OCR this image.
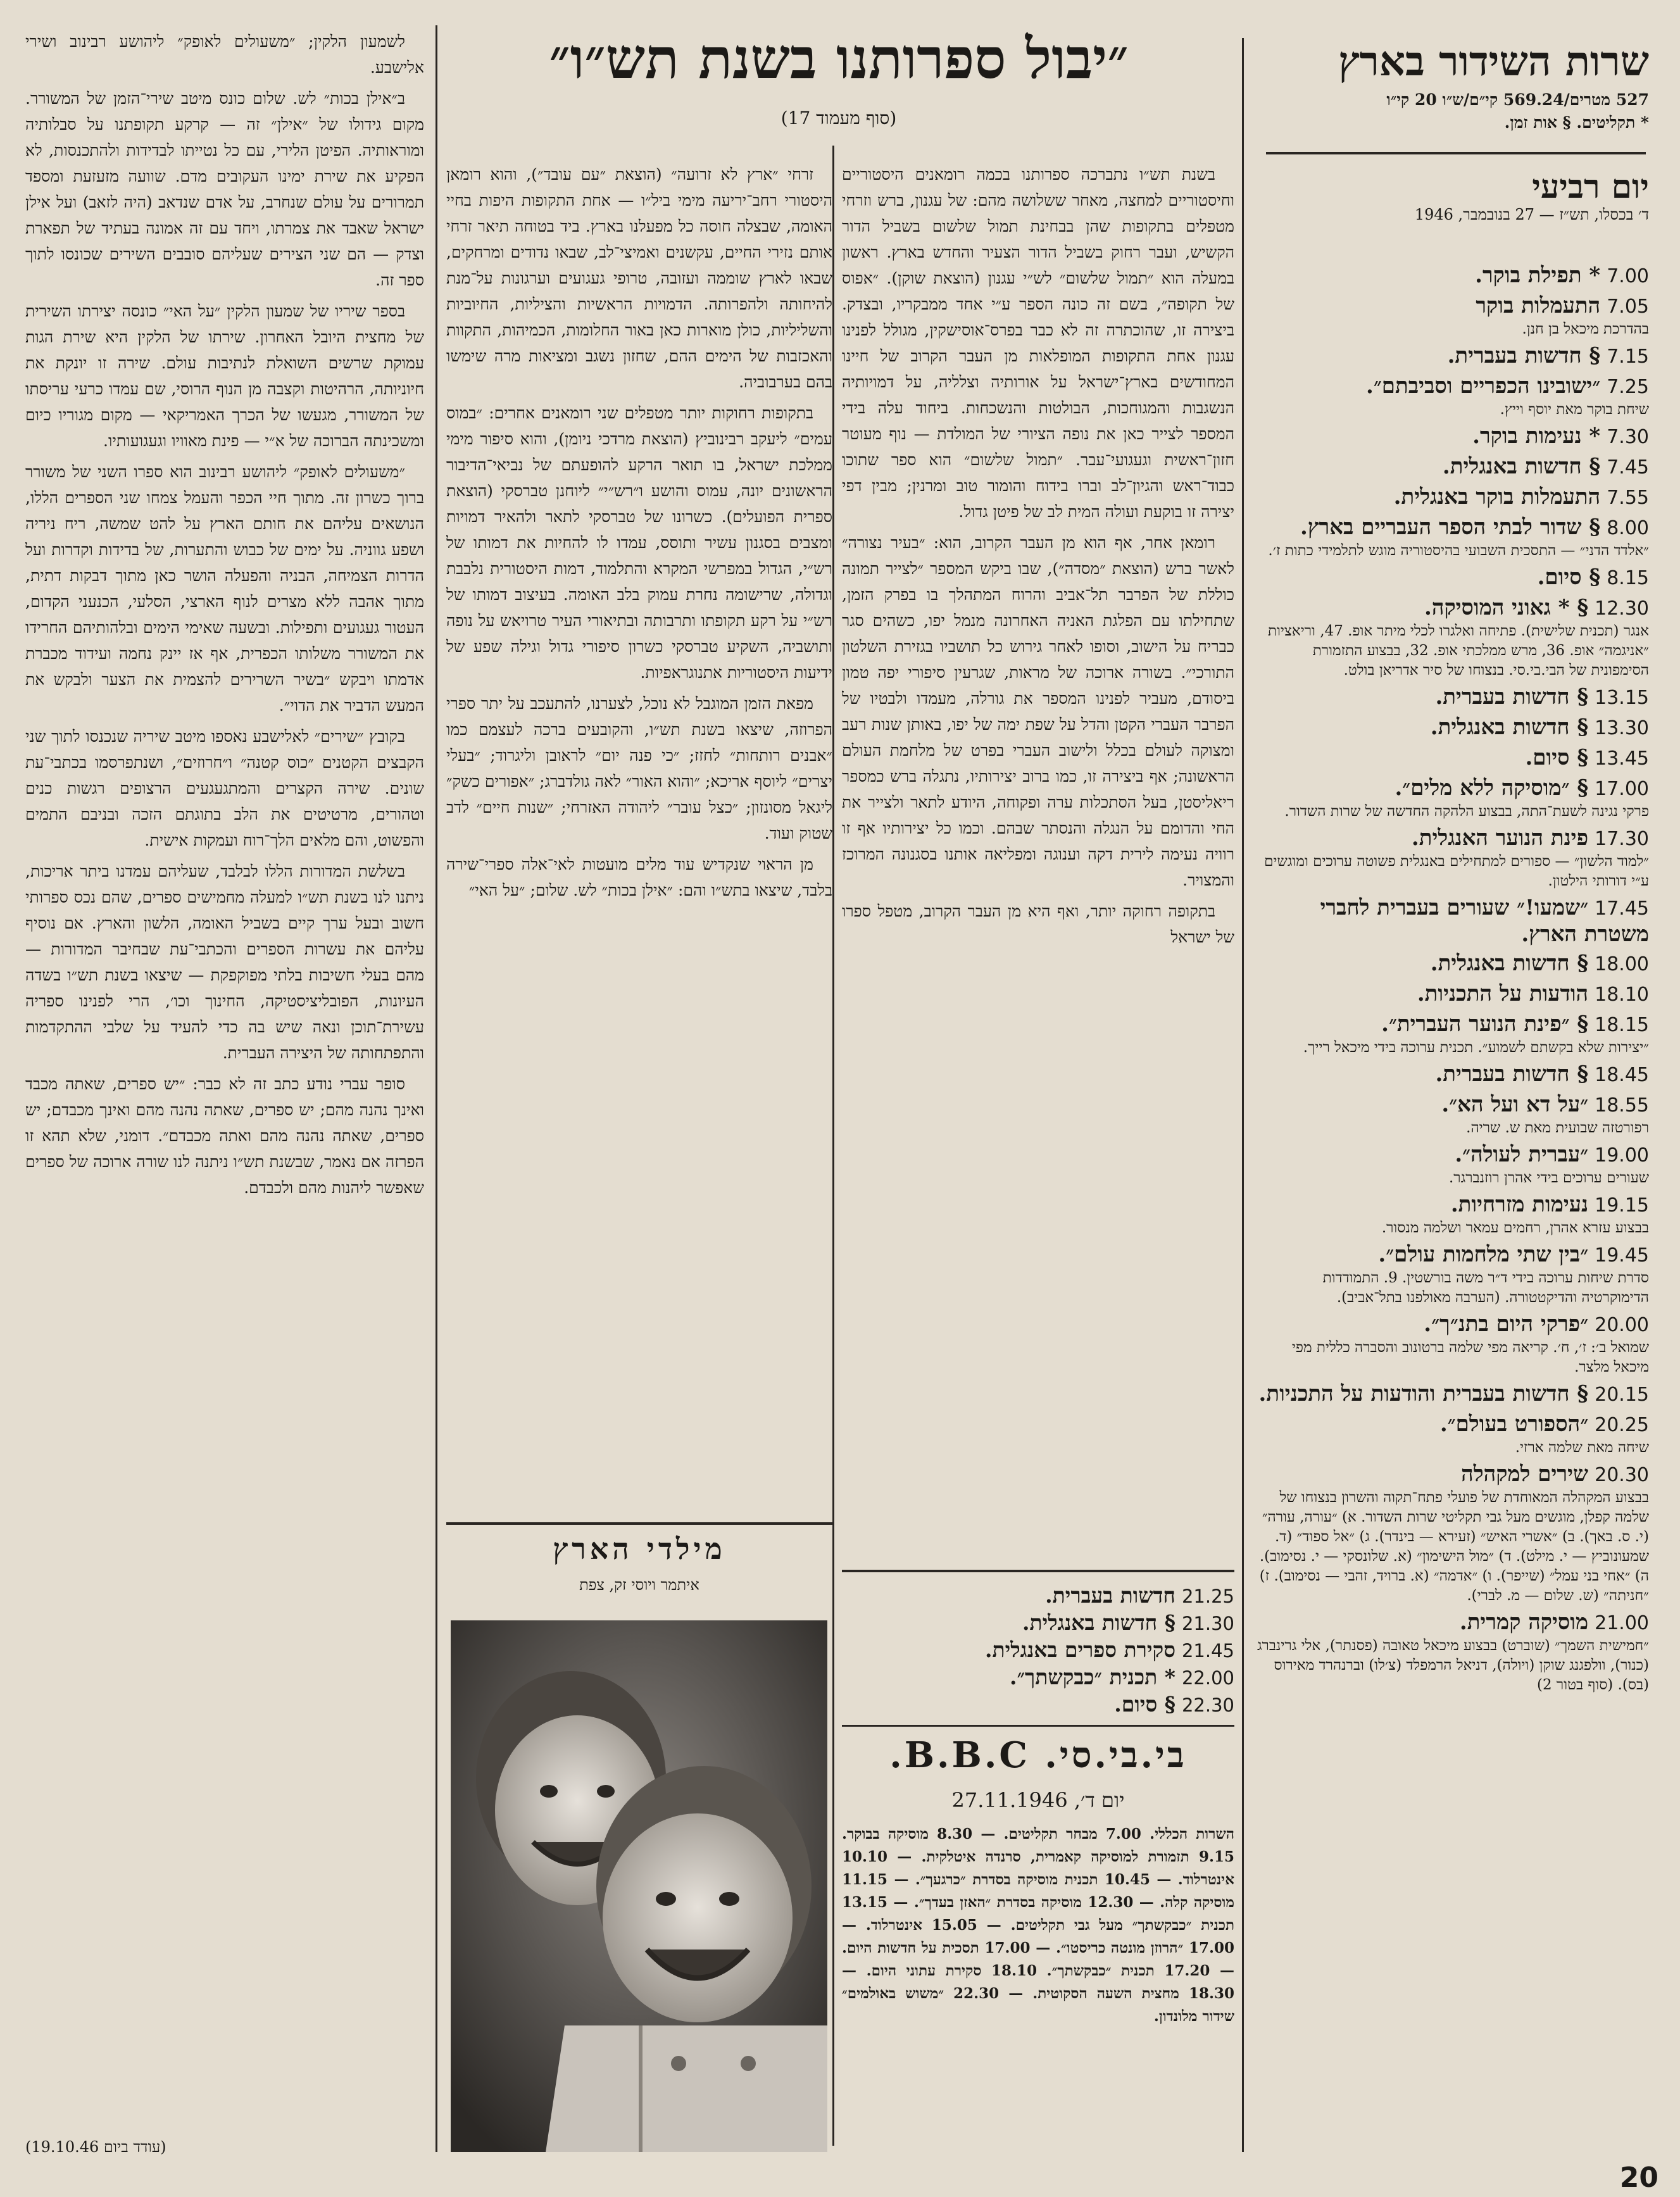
שרות השידור בארץ
527 מטרים/569.24 קי״ם/ש״ו 20 קי״ו
* תקליטים. § אות זמן.
יום רביעי
ד׳ בכסלו, תש״ז — 27 בנובמבר, 1946
7.00* תפילת בוקר.
7.05התעמלות בוקר
בהדרכת מיכאל בן חנן.
7.15§ חדשות בעברית.
7.25״ישובינו הכפריים וסביבתם״.
שיחת בוקר מאת יוסף וייץ.
7.30* נעימות בוקר.
7.45§ חדשות באנגלית.
7.55התעמלות בוקר באנגלית.
8.00§ שדור לבתי הספר העבריים בארץ.
״אלדד הדני״ — התסכית השבועי בהיסטוריה מוגש לתלמידי כתות ז׳.
8.15§ סיום.
12.30§ * גאוני המוסיקה.
אנגר (תכנית שלישית). פתיחה ואלגרו לכלי מיתר אופ. 47, וריאציות ״אניגמה״ אופ. 36, מרש ממלכתי אופ. 32, בבצוע התזמורת הסימפונית של הבי.בי.סי. בנצוחו של סיר אדריאן בולט.
13.15§ חדשות בעברית.
13.30§ חדשות באנגלית.
13.45§ סיום.
17.00§ ״מוסיקה ללא מלים״.
פרקי נגינה לשעת־התה, בבצוע הלהקה החדשה של שרות השדור.
17.30פינת הנוער האנגלית.
״למוד הלשון״ — ספורים למתחילים באנגלית פשוטה ערוכים ומוגשים ע״י דורותי הילטון.
17.45״שמעו!״ שעורים בעברית לחברי משטרת הארץ.
18.00§ חדשות באנגלית.
18.10הודעות על התכניות.
18.15§ ״פינת הנוער העברית״.
״יצירות שלא בקשתם לשמוע״. תכנית ערוכה בידי מיכאל רייך.
18.45§ חדשות בעברית.
18.55״על דא ועל הא״.
רפורטזה שבועית מאת ש. שריה.
19.00״עברית לעולה״.
שעורים ערוכים בידי אהרן רוזנברגר.
19.15נעימות מזרחיות.
בבצוע עזרא אהרן, רחמים עמאר ושלמה מנסור.
19.45״בין שתי מלחמות עולם״.
סדרת שיחות ערוכה בידי ד״ר משה בורשטין. 9. התמודדות הדימוקרטיה והדיקטטורה. (הערבה מאולפנו בתל־אביב).
20.00״פרקי היום בתנ״ך״.
שמואל ב׳: ז׳, ח׳. קריאה מפי שלמה ברטונוב והסברה כללית מפי מיכאל מלצר.
20.15§ חדשות בעברית והודעות על התכניות.
20.25״הספורט בעולם״.
שיחה מאת שלמה ארזי.
20.30שירים למקהלה
בבצוע המקהלה המאוחדת של פועלי פתח־תקוה והשרון בנצוחו של שלמה קפלן, מוגשים מעל גבי תקליטי שרות השדור. א) ״עורה, עורה״ (י. ס. באך). ב) ״אשרי האיש״ (זעירא — בינדר). ג) ״אל ספוד״ (ד. שמעונוביץ — י. מילט). ד) ״מול הישימון״ (א. שלונסקי — י. נסימוב). ה) ״אחי בני עמל״ (שייפר). ו) ״אדמה״ (א. ברויד, זהבי — נסימוב). ז) ״חניתה״ (ש. שלום — מ. לברי).
21.00מוסיקה קמרית.
״חמישית השמך״ (שוברט) בבצוע מיכאל טאובה (פסנתר), אלי גרינברג (כנור), וולפגנג שוקן (ויולה), דניאל הרמפלד (צ׳לו) וברנהרד מאירוס (בס). (סוף בטור 2)
״יבול ספרותנו בשנת תש״ו״
(סוף מעמוד 17)

בשנת תש״ו נתברכה ספרותנו בכמה רומאנים היסטוריים וחיסטוריים למחצה, מאחר ששלושה מהם: של עגנון, ברש וזרחי מטפלים בתקופות שהן בבחינת תמול שלשום בשביל הדור הקשיש, ועבר רחוק בשביל הדור הצעיר והחדש בארץ. ראשון במעלה הוא ״תמול שלשום״ לש״י עגנון (הוצאת שוקן). ״אפוס של תקופה״, בשם זה כונה הספר ע״י אחד ממבקריו, ובצדק. ביצירה זו, שהוכתרה זה לא כבר בפרס־אוסישקין, מגולל לפנינו עגנון אחת התקופות המופלאות מן העבר הקרוב של חיינו המחודשים בארץ־ישראל על אורותיה וצלליה, על דמויותיה הנשגבות והמגוחכות, הבולטות והנשכחות. ביחוד עלה בידי המספר לצייר כאן את נופה הציורי של המולדת — נוף מעוטר חזון־ראשית וגעגועי־עבר. ״תמול שלשום״ הוא ספר שתוכו כבוד־ראש והגיון־לב וברו בידוח והומור טוב ומרנין; מבין דפי יצירה זו בוקעת ועולה המית לב של פיטן גדול.

רומאן אחר, אף הוא מן העבר הקרוב, הוא: ״בעיר נצורה״ לאשר ברש (הוצאת ״מסדה״), שבו ביקש המספר ״לצייר תמונה כוללת של הפרבר תל־אביב והרוח המתהלך בו בפרק הזמן, שתחילתו עם הפלגת האניה האחרונה מנמל יפו, כשהים סגר כבריח על הישוב, וסופו לאחר גירוש כל תושביו בגזירת השלטון התורכי״. בשורה ארוכה של מראות, שגרעין סיפורי יפה טמון ביסודם, מעביר לפנינו המספר את גורלה, מעמדו ולבטיו של הפרבר העברי הקטן והדל על שפת ימה של יפו, באותן שנות רעב ומצוקה לעולם בכלל ולישוב העברי בפרט של מלחמת העולם הראשונה; אף ביצירה זו, כמו ברוב יצירותיו, נתגלה ברש כמספר ריאליסטן, בעל הסתכלות ערה ופקוחה, היודע לתאר ולצייר את החי והדומם על הנגלה והנסתר שבהם. וכמו כל יצירותיו אף זו רוויה נעימה לירית דקה וענוגה ומפליאה אותנו בסגנונה המרוכז והמצויר.

בתקופה רחוקה יותר, ואף היא מן העבר הקרוב, מטפל ספרו של ישראל

זרחי ״ארץ לא זרועה״ (הוצאת ״עם עובד״), והוא רומאן היסטורי רחב־יריעה מימי ביל״ו — אחת התקופות היפות בחיי האומה, שבצלה חוסה כל מפעלנו בארץ. ביד בטוחה תיאר זרחי אותם נזירי החיים, עקשנים ואמיצי־לב, שבאו נדודים ומרחקים, שבאו לארץ שוממה ועזובה, טרופי געגועים וערגונות על־מנת להיחותה ולהפרותה. הדמויות הראשיות והציליות, החיוביות והשליליות, כולן מוארות כאן באור החלומות, הכמיהות, התקוות והאכזבות של הימים ההם, שחזון נשגב ומציאות מרה שימשו בהם בערבוביה.

בתקופות רחוקות יותר מטפלים שני רומאנים אחרים: ״במוס עמים״ ליעקב רבינוביץ (הוצאת מרדכי ניומן), והוא סיפור מימי ממלכת ישראל, בו תואר הרקע להופעתם של נביאי־הדיבור הראשונים יונה, עמוס והושע ו״רש״י״ ליוחנן טברסקי (הוצאת ספרית הפועלים). כשרונו של טברסקי לתאר ולהאיר דמויות ומצבים בסגנון עשיר ותוסס, עמדו לו להחיות את דמותו של רש״י, הגדול במפרשי המקרא והתלמוד, דמות היסטורית נלבבת וגדולה, שרישומה נחרת עמוק בלב האומה. בעיצוב דמותו של רש״י על רקע תקופתו ותרבותה ובתיאורי העיר טרויאש על נופה ותושביה, השקיע טברסקי כשרון סיפורי גדול וגילה שפע של ידיעות היסטוריות אתנוגראפיות.

מפאת הזמן המוגבל לא נוכל, לצערנו, להתעכב על יתר ספרי הפרוזה, שיצאו בשנת תש״ו, והקובעים ברכה לעצמם כמו ״אבנים רותחות״ לחזז; ״כי פנה יום״ לראובן וליגרוד; ״בעלי יצרים״ ליוסף אריכא; ״והוא האור״ לאה גולדברג; ״אפורים כשק״ ליגאל מסונזון; ״כצל עובר״ ליהודה האזרחי; ״שנות חיים״ לדב שטוק ועוד.

מן הראוי שנקדיש עוד מלים מועטות לאי־אלה ספרי־שירה בלבד, שיצאו בתש״ו והם: ״אילן בכות״ לש. שלום; ״על האי״

לשמעון הלקין; ״משעולים לאופק״ ליהושע רבינוב ושירי אלישבע.

ב״אילן בכות״ לש. שלום כונס מיטב שירי־הזמן של המשורר. מקום גידולו של ״אילן״ זה — קרקע תקופתנו על סבלותיה ומוראותיה. הפיטן הלירי, עם כל נטייתו לבדידות ולהתכנסות, לא הפקיע את שירת ימינו העקובים מדם. שוועה מזעזעת ומספד תמרורים על עולם שנחרב, על אדם שנדאב (היה לזאב) ועל אילן ישראל שאבד את צמרתו, ויחד עם זה אמונה בעתיד של תפארת וצדק — הם שני הצירים שעליהם סובבים השירים שכונסו לתוך ספר זה.

בספר שיריו של שמעון הלקין ״על האי״ כונסה יצירתו השירית של מחצית היובל האחרון. שירתו של הלקין היא שירת הגות עמוקת שרשים השואלת לנתיבות עולם. שירה זו יונקת את חיוניותה, הרהיטות וקצבה מן הנוף הרוסי, שם עמדו כרעי עריסתו של המשורר, מגעשו של הכרך האמריקאי — מקום מגוריו כיום ומשכינתה הברוכה של א״י — פינת מאוויו וגעגועותיו.

״משעולים לאופק״ ליהושע רבינוב הוא ספרו השני של משורר ברוך כשרון זה. מתוך חיי הכפר והעמל צמחו שני הספרים הללו, הנושאים עליהם את חותם הארץ על להט שמשה, ריח ניריה ושפע גווניה. על ימים של כבוש והתערות, של בדידות וקדרות ועל הדרות הצמיחה, הבניה והפעלה הושר כאן מתוך דבקות דתית, מתוך אהבה ללא מצרים לנוף הארצי, הסלעי, הכנעני הקדום, העטור געגועים ותפילות. ובשעה שאימי הימים ובלהותיהם החרידו את המשורר משלותו הכפרית, אף אז יינק נחמה ועידוד מכברת אדמתו ויבקש ״בשיר השרירים להצמית את הצער ולבקש את המעש הדביר את הדוי״.

בקובץ ״שירים״ לאלישבע נאספו מיטב שיריה שנכנסו לתוך שני הקבצים הקטנים ״כוס קטנה״ ו״חרוזים״, ושנתפרסמו בכתבי־עת שונים. שירה הקצרים והמתגעגעים הרצופים רגשות כנים וטהורים, מרטיטים את הלב בתוגתם הזכה ובניבם התמים והפשוט, והם מלאים הלך־רוח ועמקות אישית.

בשלשת המדורות הללו לבלבד, שעליהם עמדנו ביתר אריכות, ניתנו לנו בשנת תש״ו למעלה מחמישים ספרים, שהם נכס ספרותי חשוב ובעל ערך קיים בשביל האומה, הלשון והארץ. אם נוסיף עליהם את עשרות הספרים והכתבי־עת שבחיבר המדורות — מהם בעלי חשיבות בלתי מפוקפקת — שיצאו בשנת תש״ו בשדה העיונות, הפובליציסטיקה, החינוך וכו׳, הרי לפנינו ספריה עשירת־תוכן ונאה שיש בה כדי להעיד על שלבי ההתקדמות והתפתחותה של היצירה העברית.

סופר עברי נודע כתב זה לא כבר: ״יש ספרים, שאתה מכבד ואינך נהנה מהם; יש ספרים, שאתה נהנה מהם ואינך מכבדם; יש ספרים, שאתה נהנה מהם ואתה מכבדם״. דומני, שלא תהא זו הפרזה אם נאמר, שבשנת תש״ו ניתנה לנו שורה ארוכה של ספרים שאפשר ליהנות מהם ולכבדם.

(עודד ביום 19.10.46)
21.25חדשות בעברית.
21.30§ חדשות באנגלית.
21.45סקירת ספרים באנגלית.
22.00* תכנית ״כבקשתך״.
22.30§ סיום.
בי.בי.סי. B.B.C.
יום ד׳, 27.11.1946
השרות הכללי. 7.00 מבחר תקליטים. — 8.30 מוסיקה בבוקר. 9.15 תזמורת למוסיקה קאמרית, סרנדה איטלקית. — 10.10 אינטרלוד. — 10.45 תכנית מוסיקה בסדרת ״כרגעך״. — 11.15 מוסיקה קלה. — 12.30 מוסיקה בסדרת ״האזן בעדך״. — 13.15 תכנית ״כבקשתך״ מעל גבי תקליטים. — 15.05 אינטרלוד. — 17.00 ״הרוזן מונטה כריסטו״. — 17.00 תסכית על חדשות היום. — 17.20 תכנית ״כבקשתך״. 18.10 סקירת עתוני היום. — 18.30 מחצית השעה הסקוטית. — 22.30 ״משוש באולמים״ שידור מלונדון.
מילדי הארץ
איתמר ויוסי זק, צפת
20
